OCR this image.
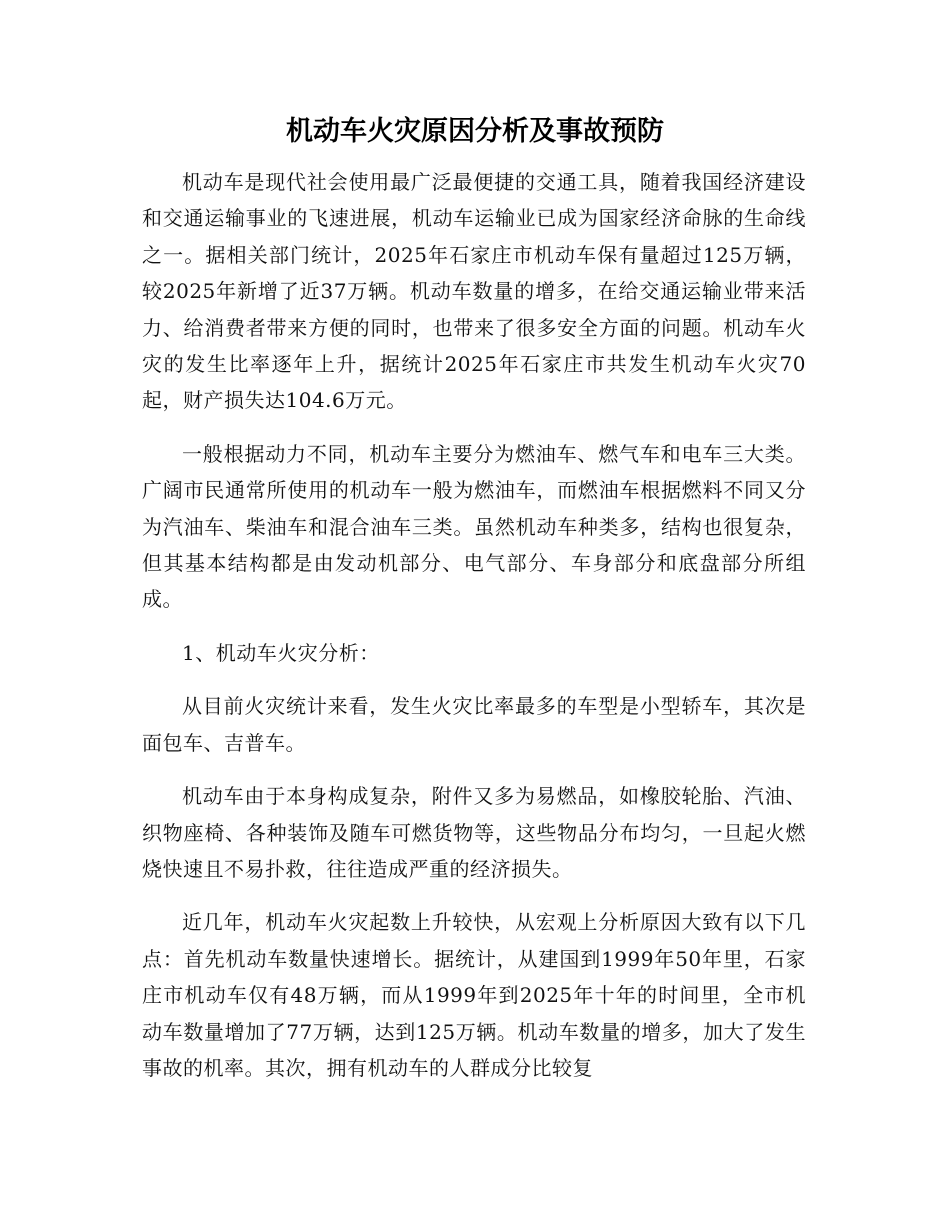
机动车火灾原因分析及事故预防

机动车是现代社会使用最广泛最便捷的交通工具，随着我国经济建设和交通运输事业的飞速进展，机动车运输业已成为国家经济命脉的生命线之一。据相关部门统计，2025年石家庄市机动车保有量超过125万辆，较2025年新增了近37万辆。机动车数量的增多，在给交通运输业带来活力、给消费者带来方便的同时，也带来了很多安全方面的问题。机动车火灾的发生比率逐年上升，据统计2025年石家庄市共发生机动车火灾70起，财产损失达104.6万元。

一般根据动力不同，机动车主要分为燃油车、燃气车和电车三大类。广阔市民通常所使用的机动车一般为燃油车，而燃油车根据燃料不同又分为汽油车、柴油车和混合油车三类。虽然机动车种类多，结构也很复杂，但其基本结构都是由发动机部分、电气部分、车身部分和底盘部分所组成。

1、机动车火灾分析：

从目前火灾统计来看，发生火灾比率最多的车型是小型轿车，其次是面包车、吉普车。

机动车由于本身构成复杂，附件又多为易燃品，如橡胶轮胎、汽油、织物座椅、各种装饰及随车可燃货物等，这些物品分布均匀，一旦起火燃烧快速且不易扑救，往往造成严重的经济损失。

近几年，机动车火灾起数上升较快，从宏观上分析原因大致有以下几点：首先机动车数量快速增长。据统计，从建国到1999年50年里，石家庄市机动车仅有48万辆，而从1999年到2025年十年的时间里，全市机动车数量增加了77万辆，达到125万辆。机动车数量的增多，加大了发生事故的机率。其次，拥有机动车的人群成分比较复
